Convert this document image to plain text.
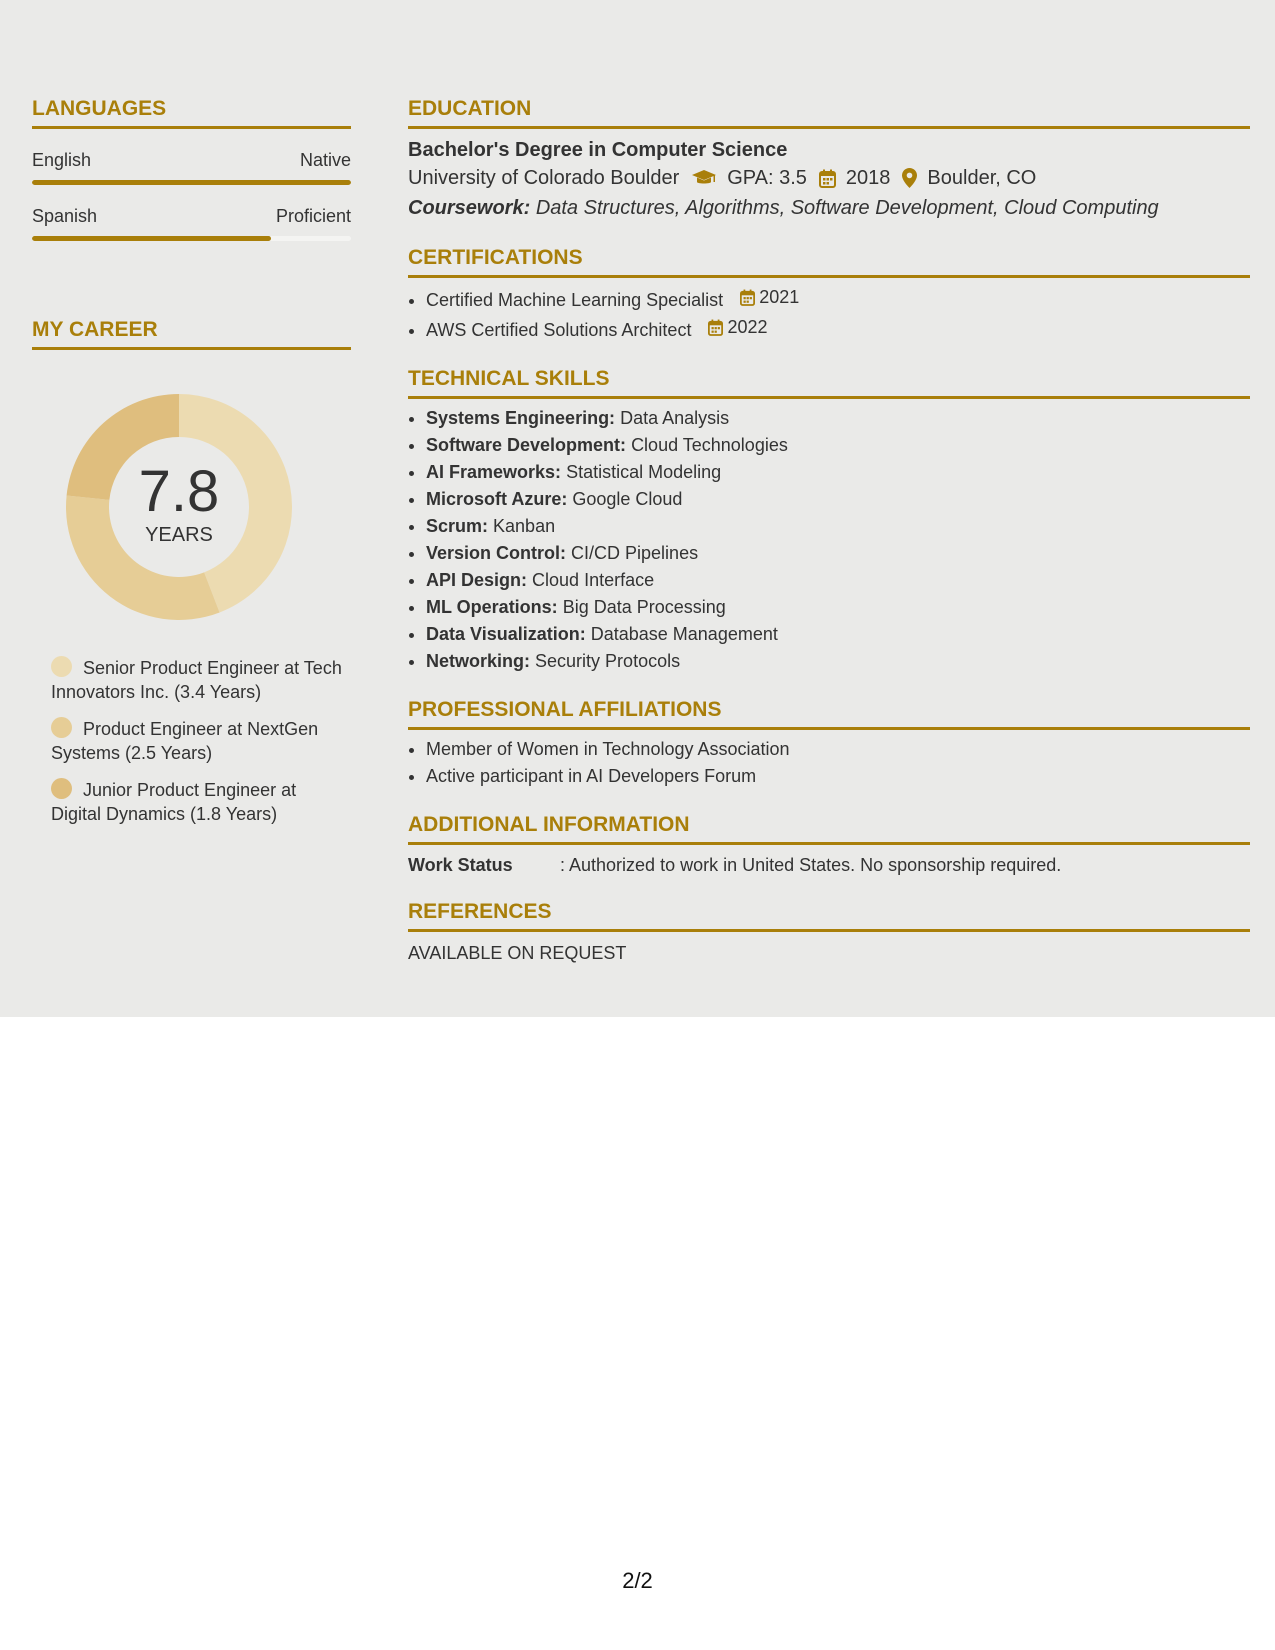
LANGUAGES
English	Native
Spanish	Proficient
MY CAREER
7.8
YEARS
Senior Product Engineer at Tech Innovators Inc. (3.4 Years)
Product Engineer at NextGen Systems (2.5 Years)
Junior Product Engineer at Digital Dynamics (1.8 Years)
EDUCATION
Bachelor's Degree in Computer Science
University of Colorado Boulder GPA: 3.5 2018 Boulder, CO
Coursework: Data Structures, Algorithms, Software Development, Cloud Computing
CERTIFICATIONS
• Certified Machine Learning Specialist 2021
• AWS Certified Solutions Architect 2022
TECHNICAL SKILLS
• Systems Engineering: Data Analysis
• Software Development: Cloud Technologies
• AI Frameworks: Statistical Modeling
• Microsoft Azure: Google Cloud
• Scrum: Kanban
• Version Control: CI/CD Pipelines
• API Design: Cloud Interface
• ML Operations: Big Data Processing
• Data Visualization: Database Management
• Networking: Security Protocols
PROFESSIONAL AFFILIATIONS
• Member of Women in Technology Association
• Active participant in AI Developers Forum
ADDITIONAL INFORMATION
Work Status	: Authorized to work in United States. No sponsorship required.
REFERENCES
AVAILABLE ON REQUEST
2/2
